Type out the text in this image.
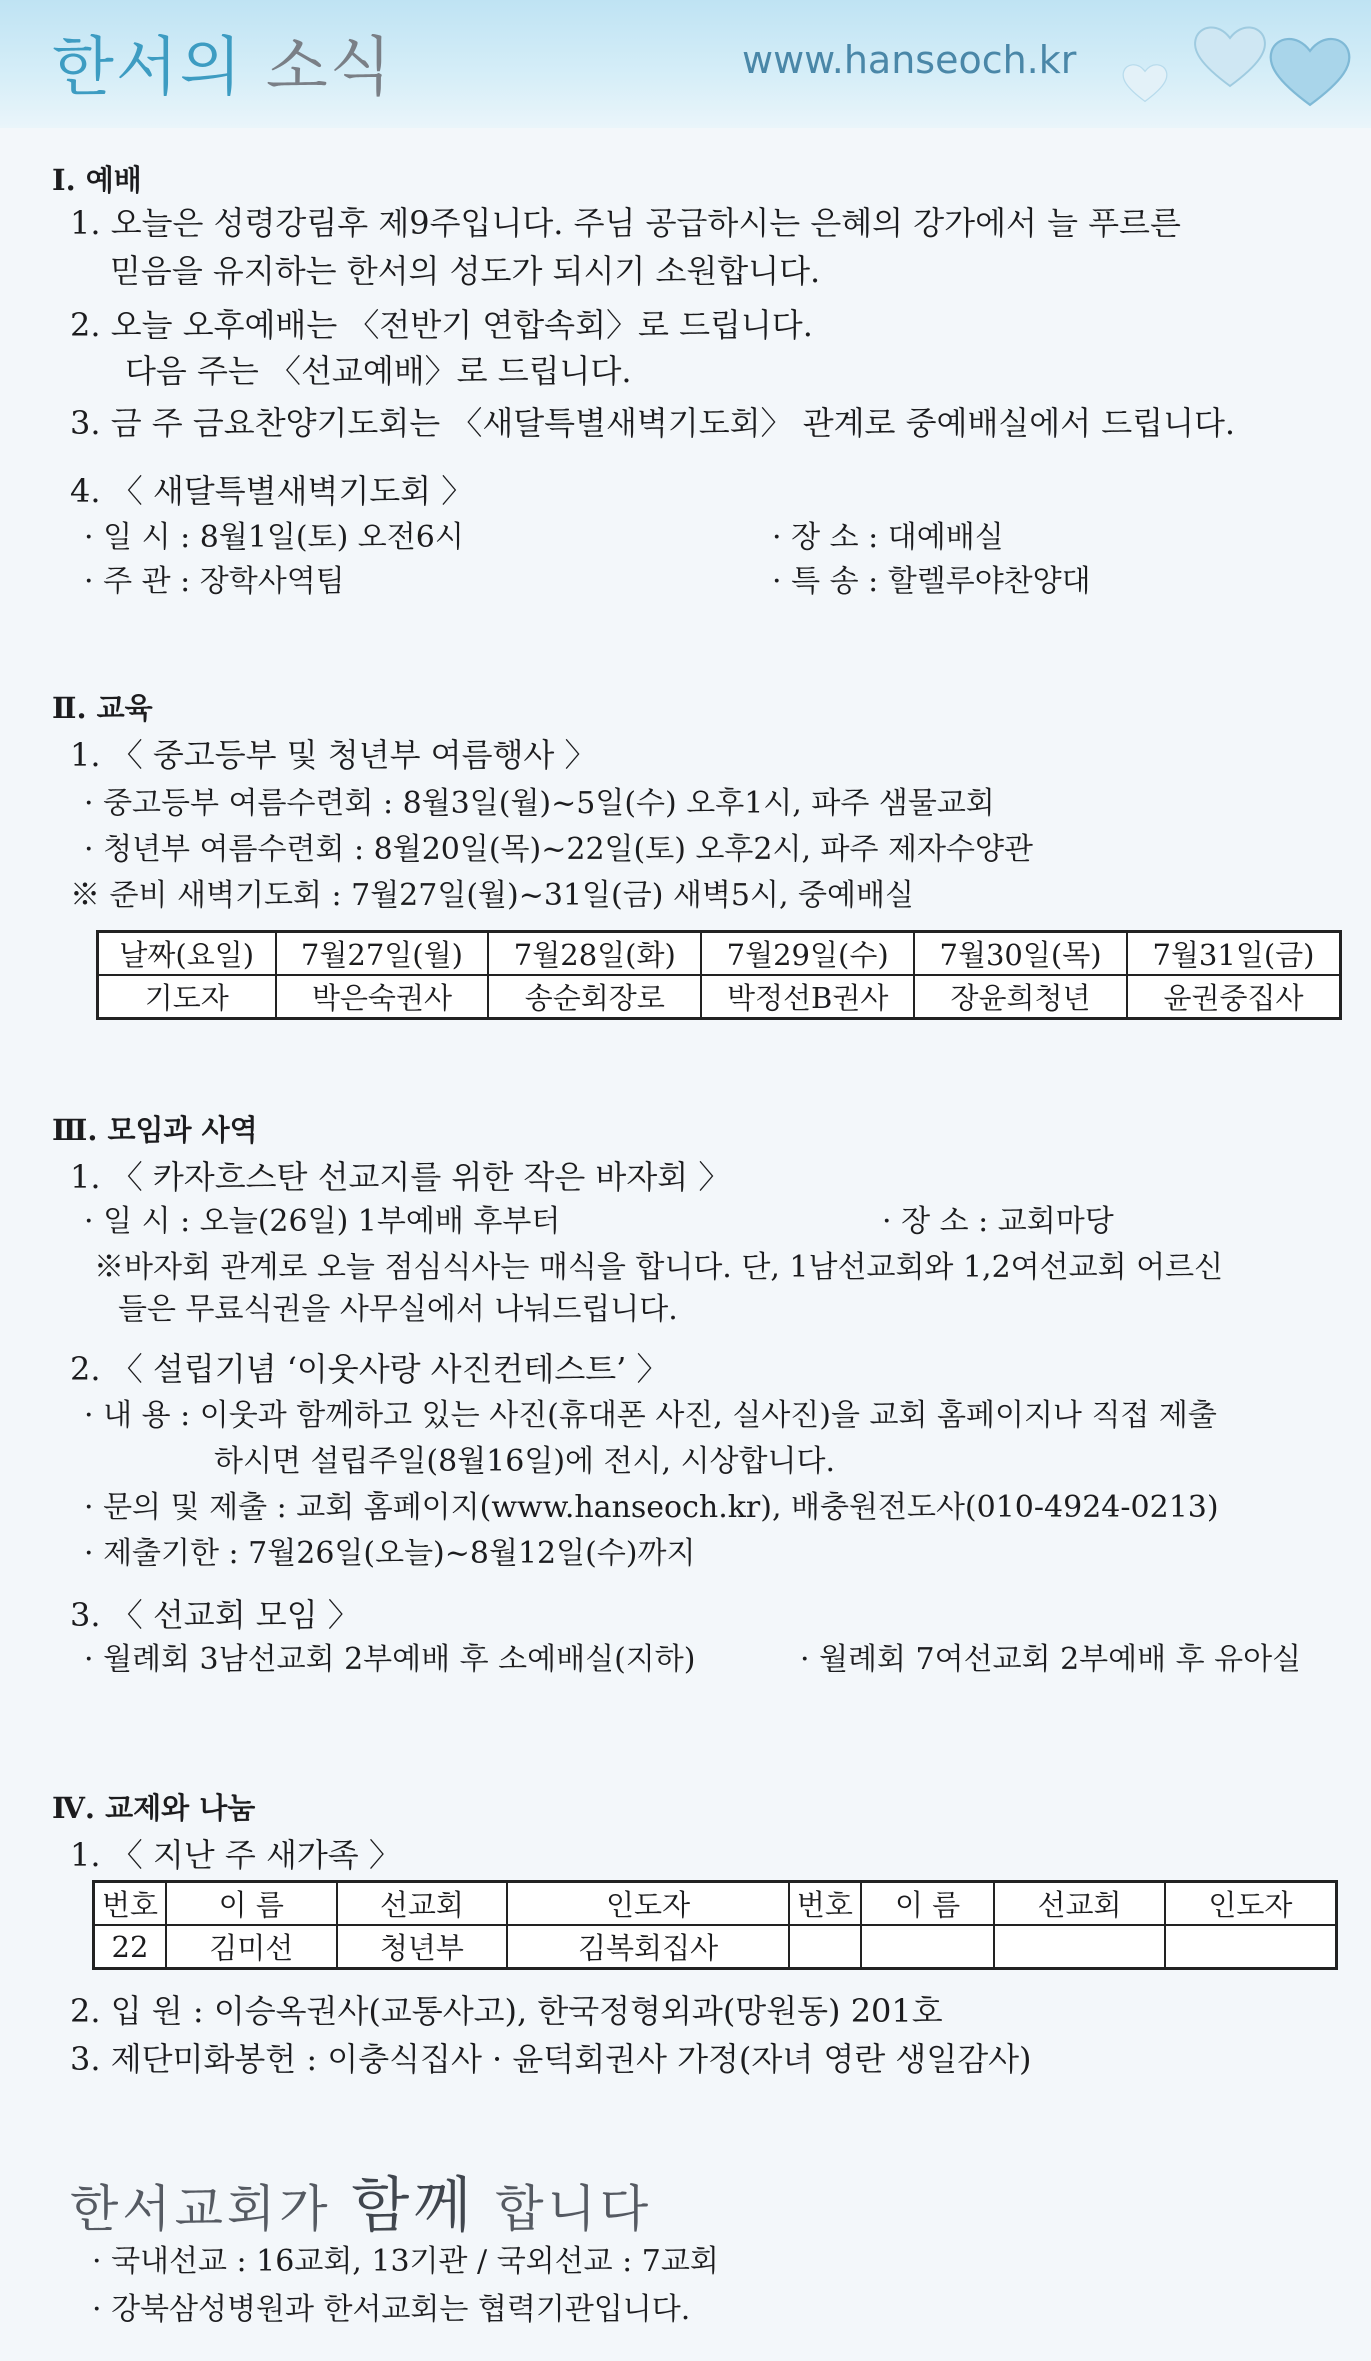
한서의 소식	www.hanseoch.kr
Ⅰ. 예배
1. 오늘은 성령강림후 제9주입니다. 주님 공급하시는 은혜의 강가에서 늘 푸르른
믿음을 유지하는 한서의 성도가 되시기 소원합니다.
2. 오늘 오후예배는 〈전반기 연합속회〉로 드립니다.
다음 주는 〈선교예배〉로 드립니다.
3. 금 주 금요찬양기도회는 〈새달특별새벽기도회〉 관계로 중예배실에서 드립니다.
4. 〈 새달특별새벽기도회 〉
· 일 시 : 8월1일(토) 오전6시	· 장 소 : 대예배실
· 주 관 : 장학사역팀	· 특 송 : 할렐루야찬양대
Ⅱ. 교육
1. 〈 중고등부 및 청년부 여름행사 〉
· 중고등부 여름수련회 : 8월3일(월)~5일(수) 오후1시, 파주 샘물교회
· 청년부 여름수련회 : 8월20일(목)~22일(토) 오후2시, 파주 제자수양관
※ 준비 새벽기도회 : 7월27일(월)~31일(금) 새벽5시, 중예배실
날짜(요일)	7월27일(월)	7월28일(화)	7월29일(수)	7월30일(목)	7월31일(금)
기도자	박은숙권사	송순회장로	박정선B권사	장윤희청년	윤권중집사
Ⅲ. 모임과 사역
1. 〈 카자흐스탄 선교지를 위한 작은 바자회 〉
· 일 시 : 오늘(26일) 1부예배 후부터	· 장 소 : 교회마당
※바자회 관계로 오늘 점심식사는 매식을 합니다. 단, 1남선교회와 1,2여선교회 어르신
들은 무료식권을 사무실에서 나눠드립니다.
2. 〈 설립기념 ‘이웃사랑 사진컨테스트’ 〉
· 내 용 : 이웃과 함께하고 있는 사진(휴대폰 사진, 실사진)을 교회 홈페이지나 직접 제출
하시면 설립주일(8월16일)에 전시, 시상합니다.
· 문의 및 제출 : 교회 홈페이지(www.hanseoch.kr), 배충원전도사(010-4924-0213)
· 제출기한 : 7월26일(오늘)~8월12일(수)까지
3. 〈 선교회 모임 〉
· 월례회 3남선교회 2부예배 후 소예배실(지하)	· 월례회 7여선교회 2부예배 후 유아실
Ⅳ. 교제와 나눔
1. 〈 지난 주 새가족 〉
번호	이 름	선교회	인도자	번호	이 름	선교회	인도자
22	김미선	청년부	김복회집사				
2. 입 원 : 이승옥권사(교통사고), 한국정형외과(망원동) 201호
3. 제단미화봉헌 : 이충식집사 · 윤덕회권사 가정(자녀 영란 생일감사)
한서교회가 함께 합니다
· 국내선교 : 16교회, 13기관 / 국외선교 : 7교회
· 강북삼성병원과 한서교회는 협력기관입니다.
